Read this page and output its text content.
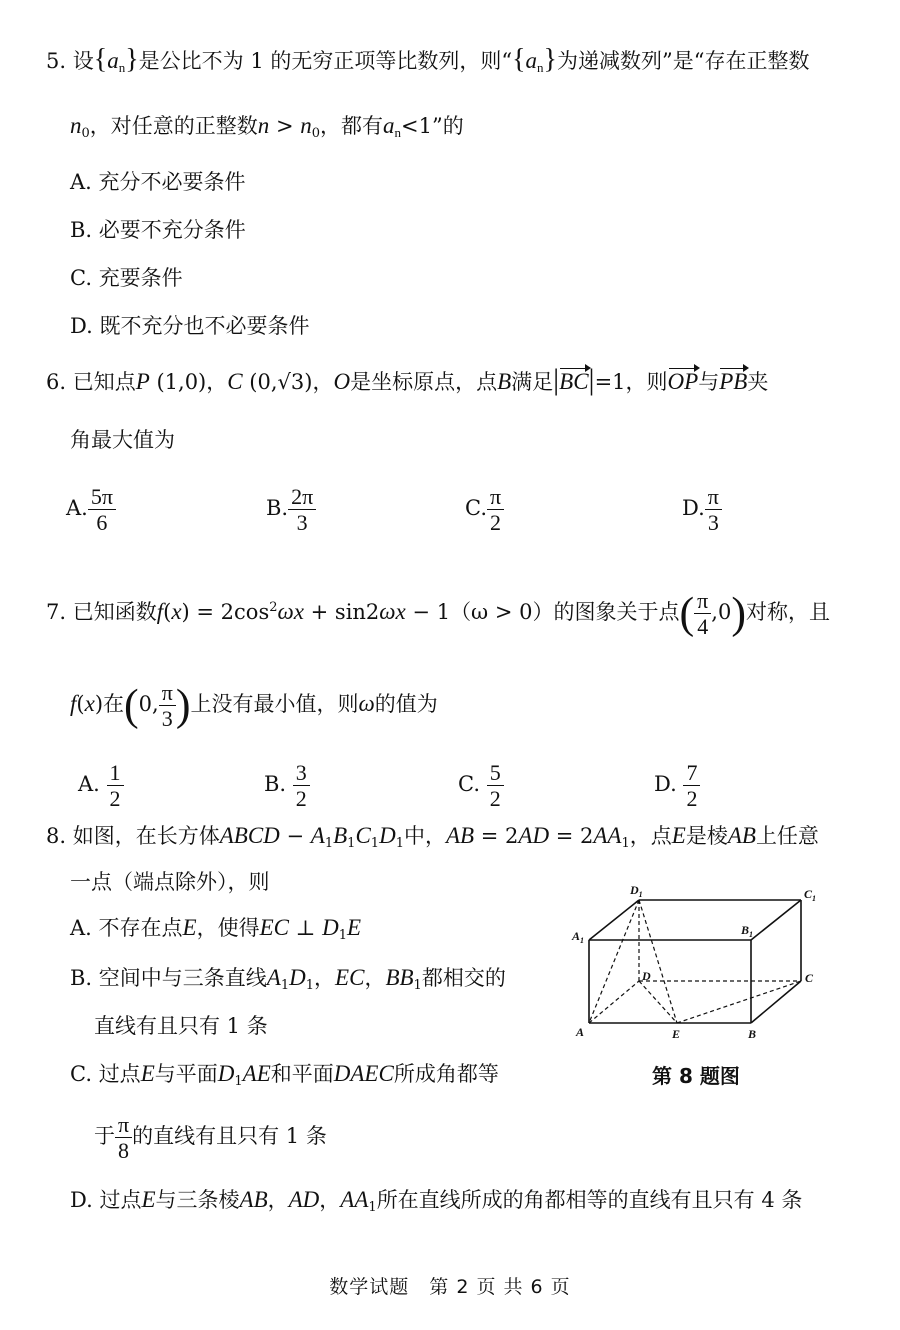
5. 设$\{a_n\}$是公比不为 1 的无穷正项等比数列，则“$\{a_n\}$为递减数列”是“存在正整数
$n_0$，对任意的正整数$n > n_0$，都有$a_n<1$”的
A. 充分不必要条件
B. 必要不充分条件
C. 充要条件
D. 既不充分也不必要条件
6. 已知点P (1,0)，C (0,√3)，O是坐标原点，点B满足|BC|=1，则OP与PB夹
角最大值为
A. $\frac{5\pi}{6}$	B. $\frac{2\pi}{3}$	C. $\frac{\pi}{2}$	D. $\frac{\pi}{3}$
7. 已知函数$f(x) = 2\cos^2\omega x + \sin 2\omega x - 1(\omega > 0)$的图象关于点( $\frac{\pi}{4} ,0$)对称，且
f(x)在(0, $\frac{\pi}{3}$ )上没有最小值，则ω的值为
A. $\frac{1}{2}$	B. $\frac{3}{2}$	C. $\frac{5}{2}$	D. $\frac{7}{2}$
8. 如图，在长方体ABCD − $A_1B_1C_1D_1$中，AB = $2AD = 2AA_1$，点E是棱AB上任意
一点（端点除外），则
A. 不存在点E，使得EC ⊥ $D_1E$
B. 空间中与三条直线$A_1D_1$，EC，$BB_1$都相交的
直线有且只有 1 条
C. 过点E与平面$D_1AE$和平面DAEC所成角都等
于 $\frac{\pi}{8}$ 的直线有且只有 1 条
D. 过点E与三条棱AB，AD，$AA_1$所在直线所成的角都相等的直线有且只有 4 条
$D_1$	$C_1$
$A_1$
$B_1$
D	C
A	E	B
第 8 题图
数学试题　第 2 页 共 6 页
